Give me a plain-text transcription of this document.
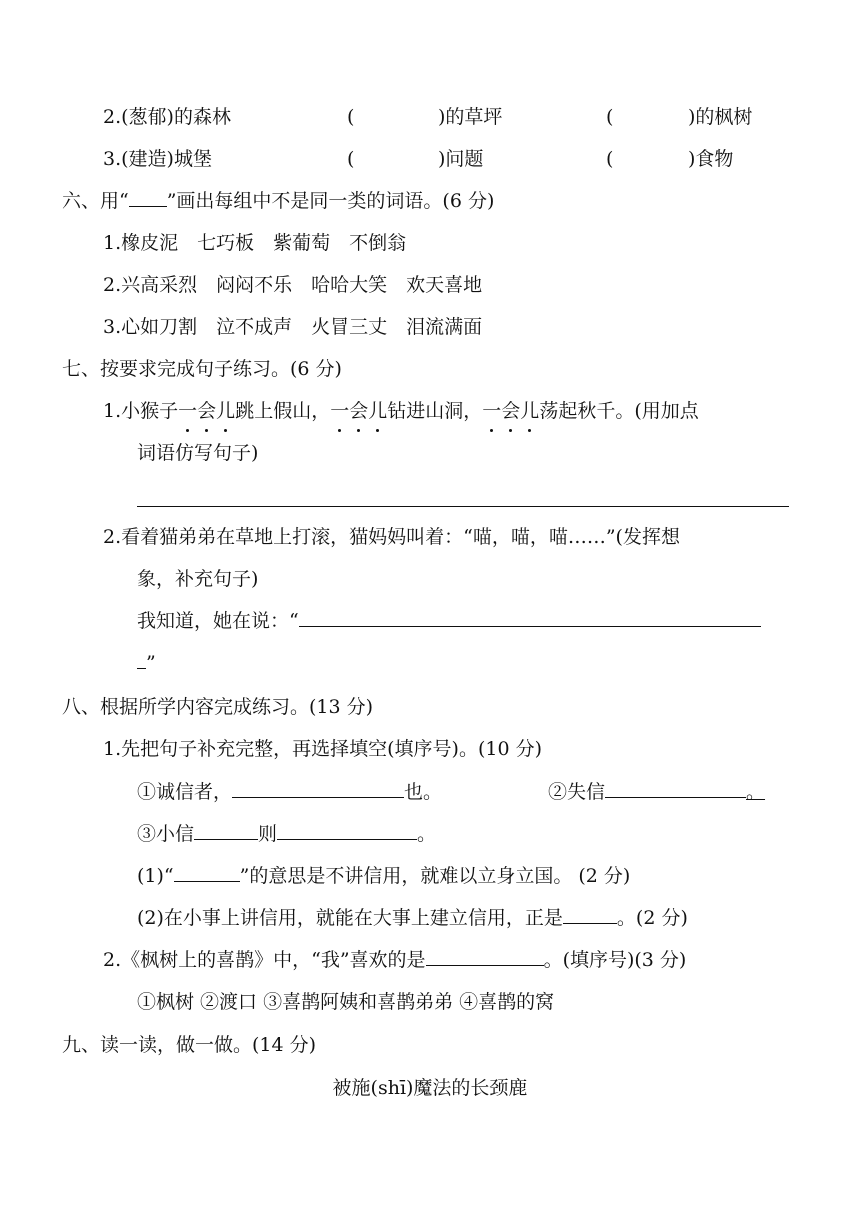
2.(葱郁)的森林	(	)的草坪	(	)的枫树
3.(建造)城堡	(	)问题	(	)食物
六、用“ ”画出每组中不是同一类的词语。(6 分)
1.橡皮泥　七巧板　紫葡萄　不倒翁
2.兴高采烈　闷闷不乐　哈哈大笑　欢天喜地
3.心如刀割　泣不成声　火冒三丈　泪流满面
七、按要求完成句子练习。(6 分)
1.小猴子一会儿跳上假山，一会儿钻进山洞，一会儿荡起秋千。(用加点
词语仿写句子)
2.看着猫弟弟在草地上打滚，猫妈妈叫着：“喵，喵，喵……”(发挥想
象，补充句子)
我知道，她在说：“
”
八、根据所学内容完成练习。(13 分)
1.先把句子补充完整，再选择填空(填序号)。(10 分)
①诚信者，	也。	②失信	。
③小信	则	。
(1)“	”的意思是不讲信用，就难以立身立国。 (2 分)
(2)在小事上讲信用，就能在大事上建立信用，正是	。(2 分)
2.《枫树上的喜鹊》中，“我”喜欢的是	。(填序号)(3 分)
①枫树 ②渡口 ③喜鹊阿姨和喜鹊弟弟 ④喜鹊的窝
九、读一读，做一做。(14 分)
被施(shī)魔法的长颈鹿
